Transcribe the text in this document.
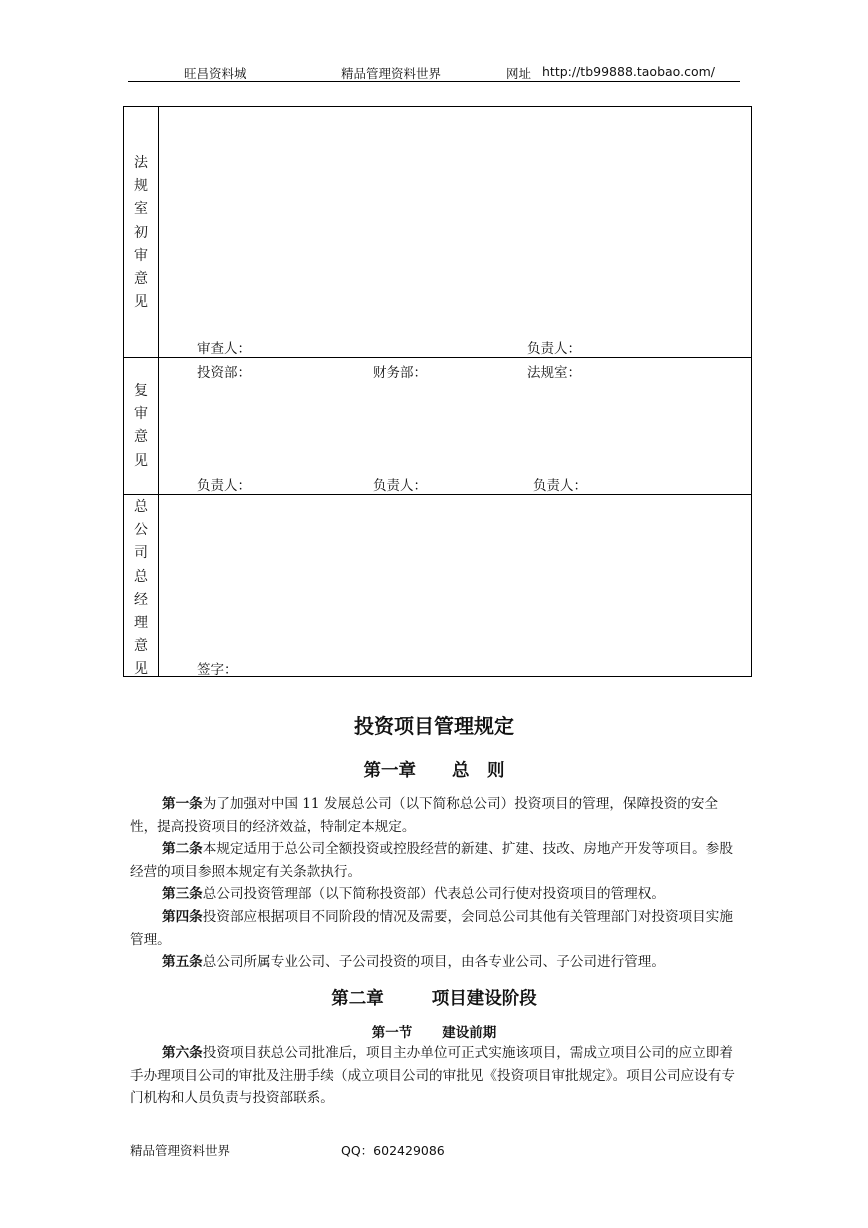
旺昌资料城	精品管理资料世界	网址 http://tb99888.taobao.com/
法
规
室
初
审
意
见
审查人：	负责人：
复
审
意
见
投资部：	财务部：	法规室：
负责人：	负责人：	负责人：
总
公
司
总
经
理
意
见	签字：
投资项目管理规定
第一章 总　则
第一条为了加强对中国 11 发展总公司（以下简称总公司）投资项目的管理，保障投资的安全性，提高投资项目的经济效益，特制定本规定。
第二条本规定适用于总公司全额投资或控股经营的新建、扩建、技改、房地产开发等项目。参股经营的项目参照本规定有关条款执行。
第三条总公司投资管理部（以下简称投资部）代表总公司行使对投资项目的管理权。
第四条投资部应根据项目不同阶段的情况及需要，会同总公司其他有关管理部门对投资项目实施管理。
第五条总公司所属专业公司、子公司投资的项目，由各专业公司、子公司进行管理。
第二章	项目建设阶段
第一节 建设前期
第六条投资项目获总公司批准后，项目主办单位可正式实施该项目，需成立项目公司的应立即着手办理项目公司的审批及注册手续（成立项目公司的审批见《投资项目审批规定》。项目公司应设有专门机构和人员负责与投资部联系。
精品管理资料世界	QQ：602429086
